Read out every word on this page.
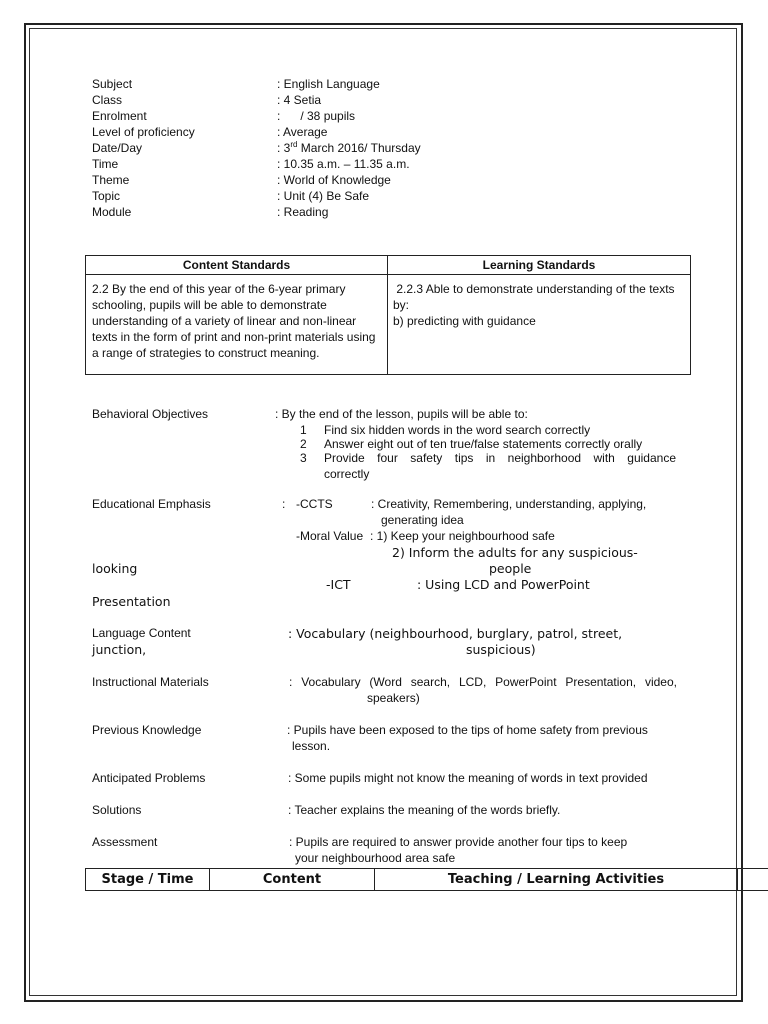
Subject	: English Language
Class	: 4 Setia
Enrolment	:      / 38 pupils
Level of proficiency	: Average
Date/Day	: 3rd March 2016/ Thursday
Time	: 10.35 a.m. – 11.35 a.m.
Theme	: World of Knowledge
Topic	: Unit (4) Be Safe
Module	: Reading
Content Standards	Learning Standards

2.2 By the end of this year of the 6-year primary schooling, pupils will be able to demonstrate understanding of a variety of linear and non-linear texts in the form of print and non-print materials using a range of strategies to construct meaning.	2.2.3 Able to demonstrate understanding of the texts by:
b) predicting with guidance
Behavioral Objectives	: By the end of the lesson, pupils will be able to:
1 Find six hidden words in the word search correctly
2 Answer eight out of ten true/false statements correctly orally
3 Provide four safety tips in neighborhood with guidance
correctly
Educational Emphasis	: -CCTS	: Creativity, Remembering, understanding, applying,
generating idea
-Moral Value : 1) Keep your neighbourhood safe
2) Inform the adults for any suspicious-
looking	people
-ICT	: Using LCD and PowerPoint
Presentation
Language Content	: Vocabulary (neighbourhood, burglary, patrol, street,
junction,	suspicious)
Instructional Materials	: Vocabulary (Word search, LCD, PowerPoint Presentation, video,
speakers)
Previous Knowledge	: Pupils have been exposed to the tips of home safety from previous
lesson.
Anticipated Problems	: Some pupils might not know the meaning of words in text provided
Solutions	: Teacher explains the meaning of the words briefly.
Assessment	: Pupils are required to answer provide another four tips to keep
your neighbourhood area safe
Stage / Time	Content	Teaching / Learning Activities	
